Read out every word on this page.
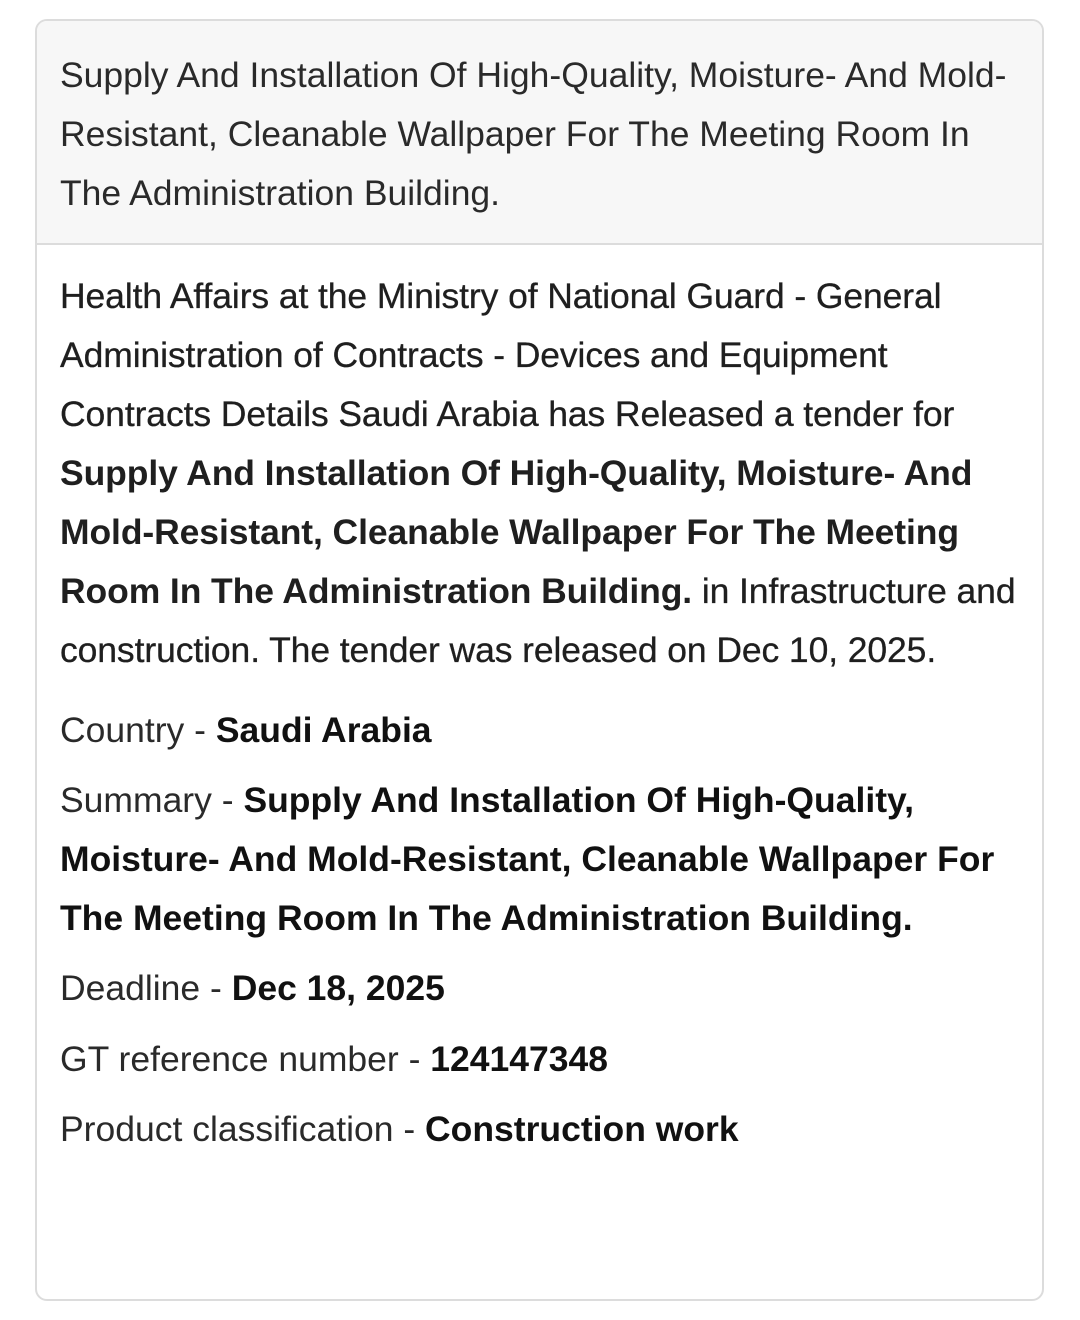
Supply And Installation Of High-Quality, Moisture- And Mold-Resistant, Cleanable Wallpaper For The Meeting Room In The Administration Building.

Health Affairs at the Ministry of National Guard - General Administration of Contracts - Devices and Equipment Contracts Details Saudi Arabia has Released a tender for Supply And Installation Of High-Quality, Moisture- And Mold-Resistant, Cleanable Wallpaper For The Meeting Room In The Administration Building. in Infrastructure and construction. The tender was released on Dec 10, 2025.

Country - Saudi Arabia

Summary - Supply And Installation Of High-Quality, Moisture- And Mold-Resistant, Cleanable Wallpaper For The Meeting Room In The Administration Building.

Deadline - Dec 18, 2025

GT reference number - 124147348

Product classification - Construction work
